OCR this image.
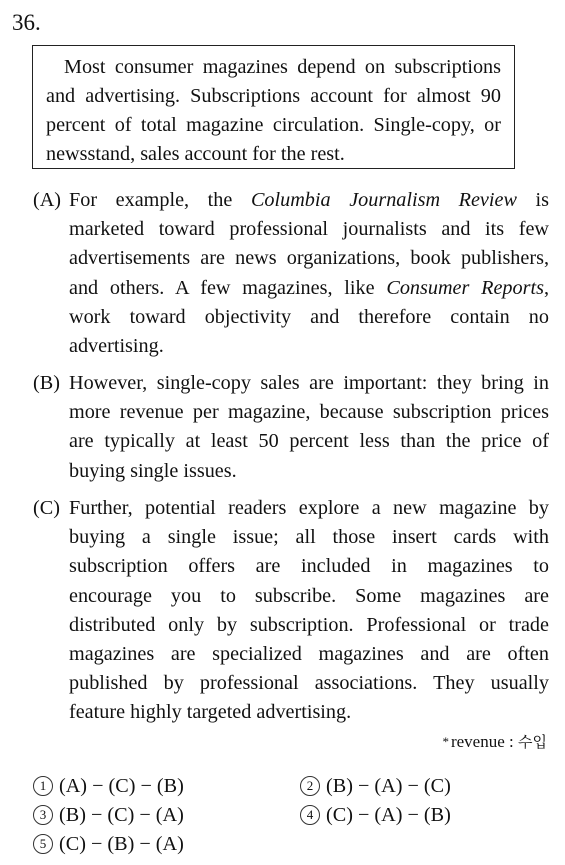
36.
Most consumer magazines depend on subscriptions and advertising. Subscriptions account for almost 90 percent of total magazine circulation. Single-copy, or newsstand, sales account for the rest.
(A) For example, the Columbia Journalism Review is
marketed toward professional journalists and its few
advertisements are news organizations, book publishers,
and others. A few magazines, like Consumer Reports,
work toward objectivity and therefore contain no
advertising.
(B) However, single-copy sales are important: they bring in
more revenue per magazine, because subscription prices
are typically at least 50 percent less than the price of
buying single issues.
(C) Further, potential readers explore a new magazine by
buying a single issue; all those insert cards with
subscription offers are included in magazines to
encourage you to subscribe. Some magazines are
distributed only by subscription. Professional or trade
magazines are specialized magazines and are often
published by professional associations. They usually
feature highly targeted advertising.
* revenue : 수입
1 (A) − (C) − (B)	2 (B) − (A) − (C)
3 (B) − (C) − (A)	4 (C) − (A) − (B)
5 (C) − (B) − (A)
